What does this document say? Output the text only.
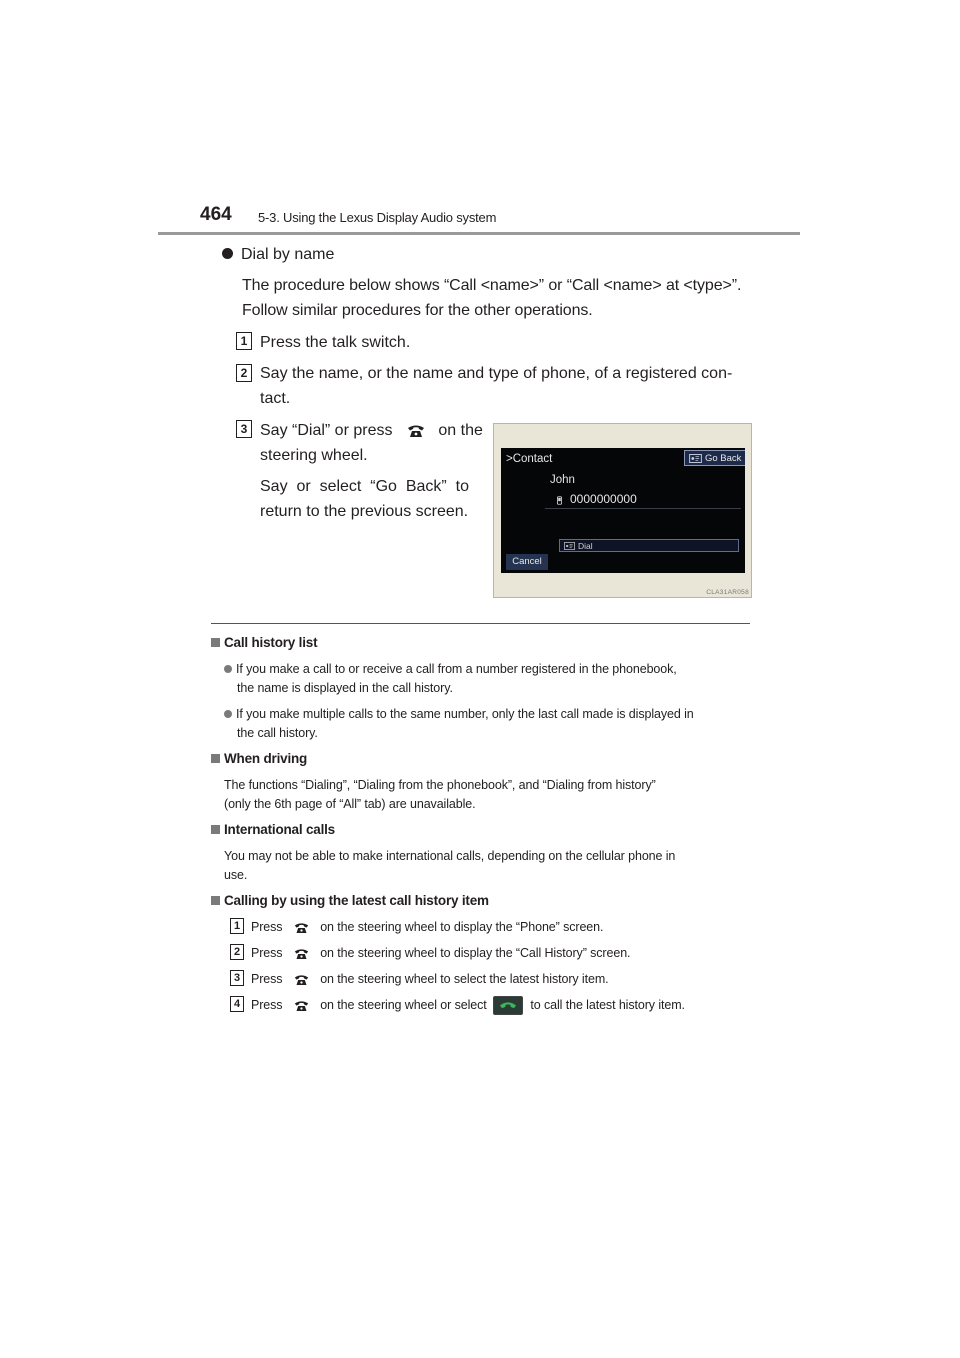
464 5-3. Using the Lexus Display Audio system
Dial by name
The procedure below shows “Call <name>” or “Call <name> at <type>”.
Follow similar procedures for the other operations.
1 Press the talk switch.
2 Say the name, or the name and type of phone, of a registered con-
tact.
3 Say “Dial” or press	on the
steering wheel.
Say  or  select  “Go  Back”  to
return to the previous screen.
>Contact	Go Back
John
0000000000
Dial
Cancel
CLA31AR058
Call history list
If you make a call to or receive a call from a number registered in the phonebook,
the name is displayed in the call history.
If you make multiple calls to the same number, only the last call made is displayed in
the call history.
When driving
The functions “Dialing”, “Dialing from the phonebook”, and “Dialing from history”
(only the 6th page of “All” tab) are unavailable.
International calls
You may not be able to make international calls, depending on the cellular phone in
use.
Calling by using the latest call history item
1 Press	on the steering wheel to display the “Phone” screen.
2 Press	on the steering wheel to display the “Call History” screen.
3 Press	on the steering wheel to select the latest history item.
4 Press	on the steering wheel or select	to call the latest history item.
